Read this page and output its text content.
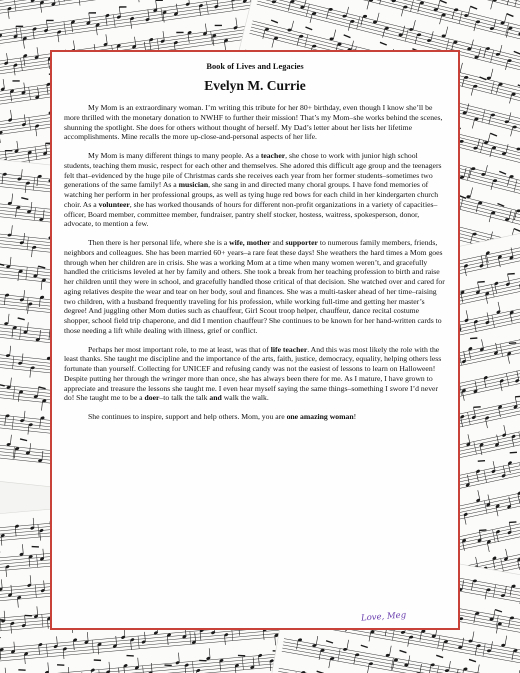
Book of Lives and Legacies
Evelyn M. Currie

My Mom is an extraordinary woman. I’m writing this tribute for her 80+ birthday, even though I know she’ll be more thrilled with the monetary donation to NWHF to further their mission! That’s my Mom–she works behind the scenes, shunning the spotlight. She does for others without thought of herself. My Dad’s letter about her lists her lifetime accomplishments. Mine recalls the more up-close-and-personal aspects of her life.

My Mom is many different things to many people. As a teacher, she chose to work with junior high school students, teaching them music, respect for each other and themselves. She adored this difficult age group and the teenagers felt that–evidenced by the huge pile of Christmas cards she receives each year from her former students–sometimes two generations of the same family! As a musician, she sang in and directed many choral groups. I have fond memories of watching her perform in her professional groups, as well as tying huge red bows for each child in her kindergarten church choir. As a volunteer, she has worked thousands of hours for different non-profit organizations in a variety of capacities–officer, Board member, committee member, fundraiser, pantry shelf stocker, hostess, waitress, spokesperson, donor, advocate, to mention a few.

Then there is her personal life, where she is a wife, mother and supporter to numerous family members, friends, neighbors and colleagues. She has been married 60+ years–a rare feat these days! She weathers the hard times a Mom goes through when her children are in crisis. She was a working Mom at a time when many women weren’t, and gracefully handled the criticisms leveled at her by family and others. She took a break from her teaching profession to birth and raise her children until they were in school, and gracefully handled those critical of that decision. She watched over and cared for aging relatives despite the wear and tear on her body, soul and finances. She was a multi-tasker ahead of her time–raising two children, with a husband frequently traveling for his profession, while working full-time and getting her master’s degree! And juggling other Mom duties such as chauffeur, Girl Scout troop helper, chauffeur, dance recital costume shopper, school field trip chaperone, and did I mention chauffeur? She continues to be known for her hand-written cards to those needing a lift while dealing with illness, grief or conflict.

Perhaps her most important role, to me at least, was that of life teacher. And this was most likely the role with the least thanks. She taught me discipline and the importance of the arts, faith, justice, democracy, equality, helping others less fortunate than yourself. Collecting for UNICEF and refusing candy was not the easiest of lessons to learn on Halloween! Despite putting her through the wringer more than once, she has always been there for me. As I mature, I have grown to appreciate and treasure the lessons she taught me. I even hear myself saying the same things–something I swore I’d never do! She taught me to be a doer–to talk the talk and walk the walk.

She continues to inspire, support and help others. Mom, you are one amazing woman!

Love, Meg
